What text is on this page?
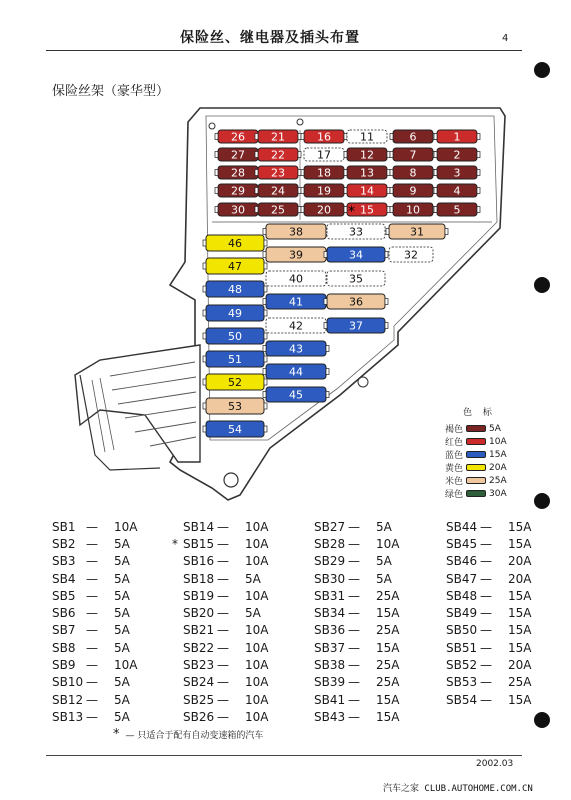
保险丝、继电器及插头布置	4
保险丝架（豪华型）
26 21	16	11	6	1
27 22	17	12	7	2
28 23	18	13	8	3
29 24	19	14	9	4
30 25	20	15	10	5
38	33	31
39	34	32
40	35
41	36
42	37
43
44
45
46
47
48
49
50
51
52
53
54
*
色 标
褐色	5A
红色	10A
蓝色	15A
黄色	20A
米色	25A
绿色	30A
SB1 — 10A
SB2 — 5A
SB3 — 5A
SB4 — 5A
SB5 — 5A
SB6 — 5A
SB7 — 5A
SB8 — 5A
SB9 — 10A
SB10 — 5A
SB12 — 5A
SB13 — 5A
SB14 — 10A
* SB15 — 10A
SB16 — 10A
SB18 — 5A
SB19 — 10A
SB20 — 5A
SB21 — 10A
SB22 — 10A
SB23 — 10A
SB24 — 10A
SB25 — 10A
SB26 — 10A
SB27 — 5A
SB28 — 10A
SB29 — 5A
SB30 — 5A
SB31 — 25A
SB34 — 15A
SB36 — 25A
SB37 — 15A
SB38 — 25A
SB39 — 25A
SB41 — 15A
SB43 — 15A
SB44 — 15A
SB45 — 15A
SB46 — 20A
SB47 — 20A
SB48 — 15A
SB49 — 15A
SB50 — 15A
SB51 — 15A
SB52 — 20A
SB53 — 25A
SB54 — 15A
* — 只适合于配有自动变速箱的汽车
2002.03
汽车之家 CLUB.AUTOHOME.COM.CN
